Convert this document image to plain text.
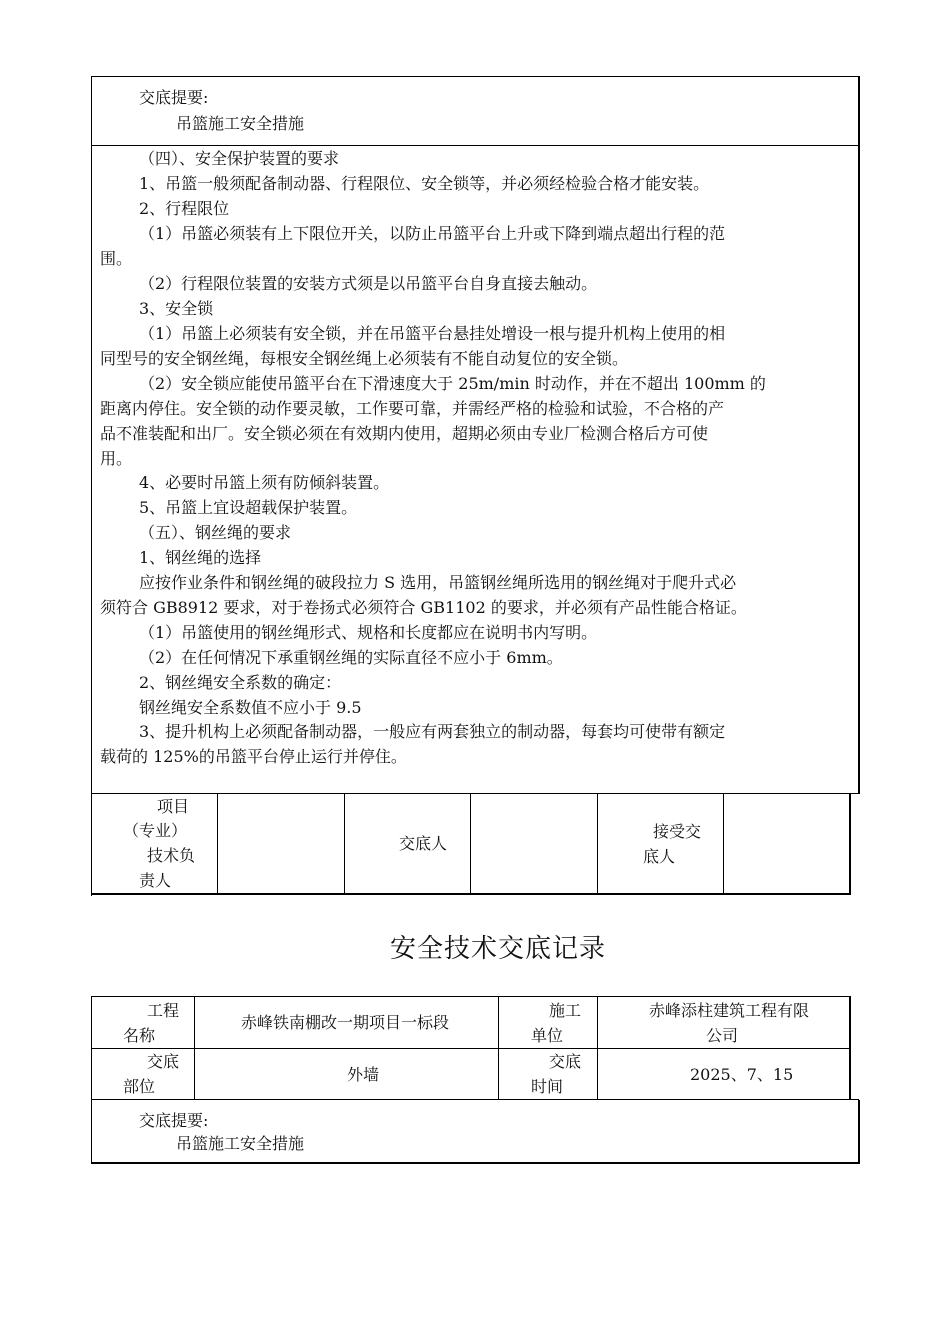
交底提要:
吊篮施工安全措施
（四）、安全保护装置的要求
1、吊篮一般须配备制动器、行程限位、安全锁等，并必须经检验合格才能安装。
2、行程限位
（1）吊篮必须装有上下限位开关，以防止吊篮平台上升或下降到端点超出行程的范
围。
（2）行程限位装置的安装方式须是以吊篮平台自身直接去触动。
3、安全锁
（1）吊篮上必须装有安全锁，并在吊篮平台悬挂处增设一根与提升机构上使用的相
同型号的安全钢丝绳，每根安全钢丝绳上必须装有不能自动复位的安全锁。
（2）安全锁应能使吊篮平台在下滑速度大于 25m/min 时动作，并在不超出 100mm 的
距离内停住。安全锁的动作要灵敏，工作要可靠，并需经严格的检验和试验，不合格的产
品不准装配和出厂。安全锁必须在有效期内使用，超期必须由专业厂检测合格后方可使
用。
4、必要时吊篮上须有防倾斜装置。
5、吊篮上宜设超载保护装置。
（五）、钢丝绳的要求
1、钢丝绳的选择
应按作业条件和钢丝绳的破段拉力 S 选用，吊篮钢丝绳所选用的钢丝绳对于爬升式必
须符合 GB8912 要求，对于卷扬式必须符合 GB1102 的要求，并必须有产品性能合格证。
（1）吊篮使用的钢丝绳形式、规格和长度都应在说明书内写明。
（2）在任何情况下承重钢丝绳的实际直径不应小于 6mm。
2、钢丝绳安全系数的确定：
钢丝绳安全系数值不应小于 9.5
3、提升机构上必须配备制动器，一般应有两套独立的制动器，每套均可使带有额定
载荷的 125%的吊篮平台停止运行并停住。
项目
（专业）
技术负
责人
交底人
接受交
底人
安全技术交底记录
工程
名称
赤峰铁南棚改一期项目一标段
施工
单位
赤峰添柱建筑工程有限
公司
交底
部位
外墙
交底
时间
2025、7、15
交底提要:
吊篮施工安全措施
